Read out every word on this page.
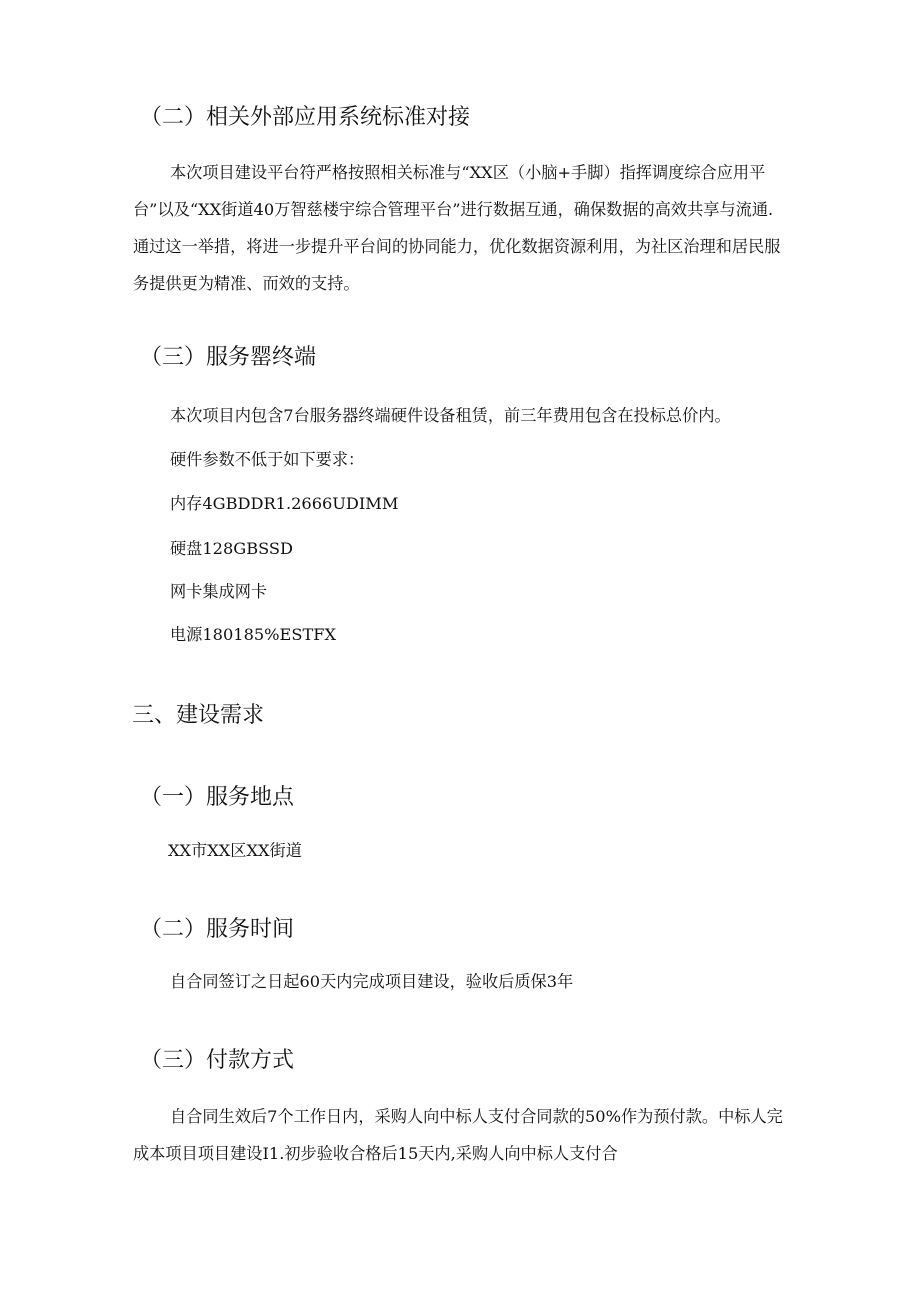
（二）相关外部应用系统标准对接
本次项目建设平台符严格按照相关标准与“XX区（小脑+手脚）指挥调度综合应用平台”以及“XX街道40万智慈楼宇综合管理平台”进行数据互通，确保数据的高效共享与流通.通过这一举措，将进一步提升平台间的协同能力，优化数据资源利用，为社区治理和居民服务提供更为精准、而效的支持。
（三）服务罂终端
本次项目内包含7台服务器终端硬件设备租赁，前三年费用包含在投标总价内。
硬件参数不低于如下要求：
内存4GBDDR1.2666UDIMM
硬盘128GBSSD
网卡集成网卡
电源180185%ESTFX
三、建设需求
（一）服务地点
XX市XX区XX街道
（二）服务时间
自合同签订之日起60天内完成项目建设，验收后质保3年
（三）付款方式
自合同生效后7个工作日内，采购人向中标人支付合同款的50%作为预付款。中标人完成本项目项目建设I1.初步验收合格后15天内,采购人向中标人支付合
